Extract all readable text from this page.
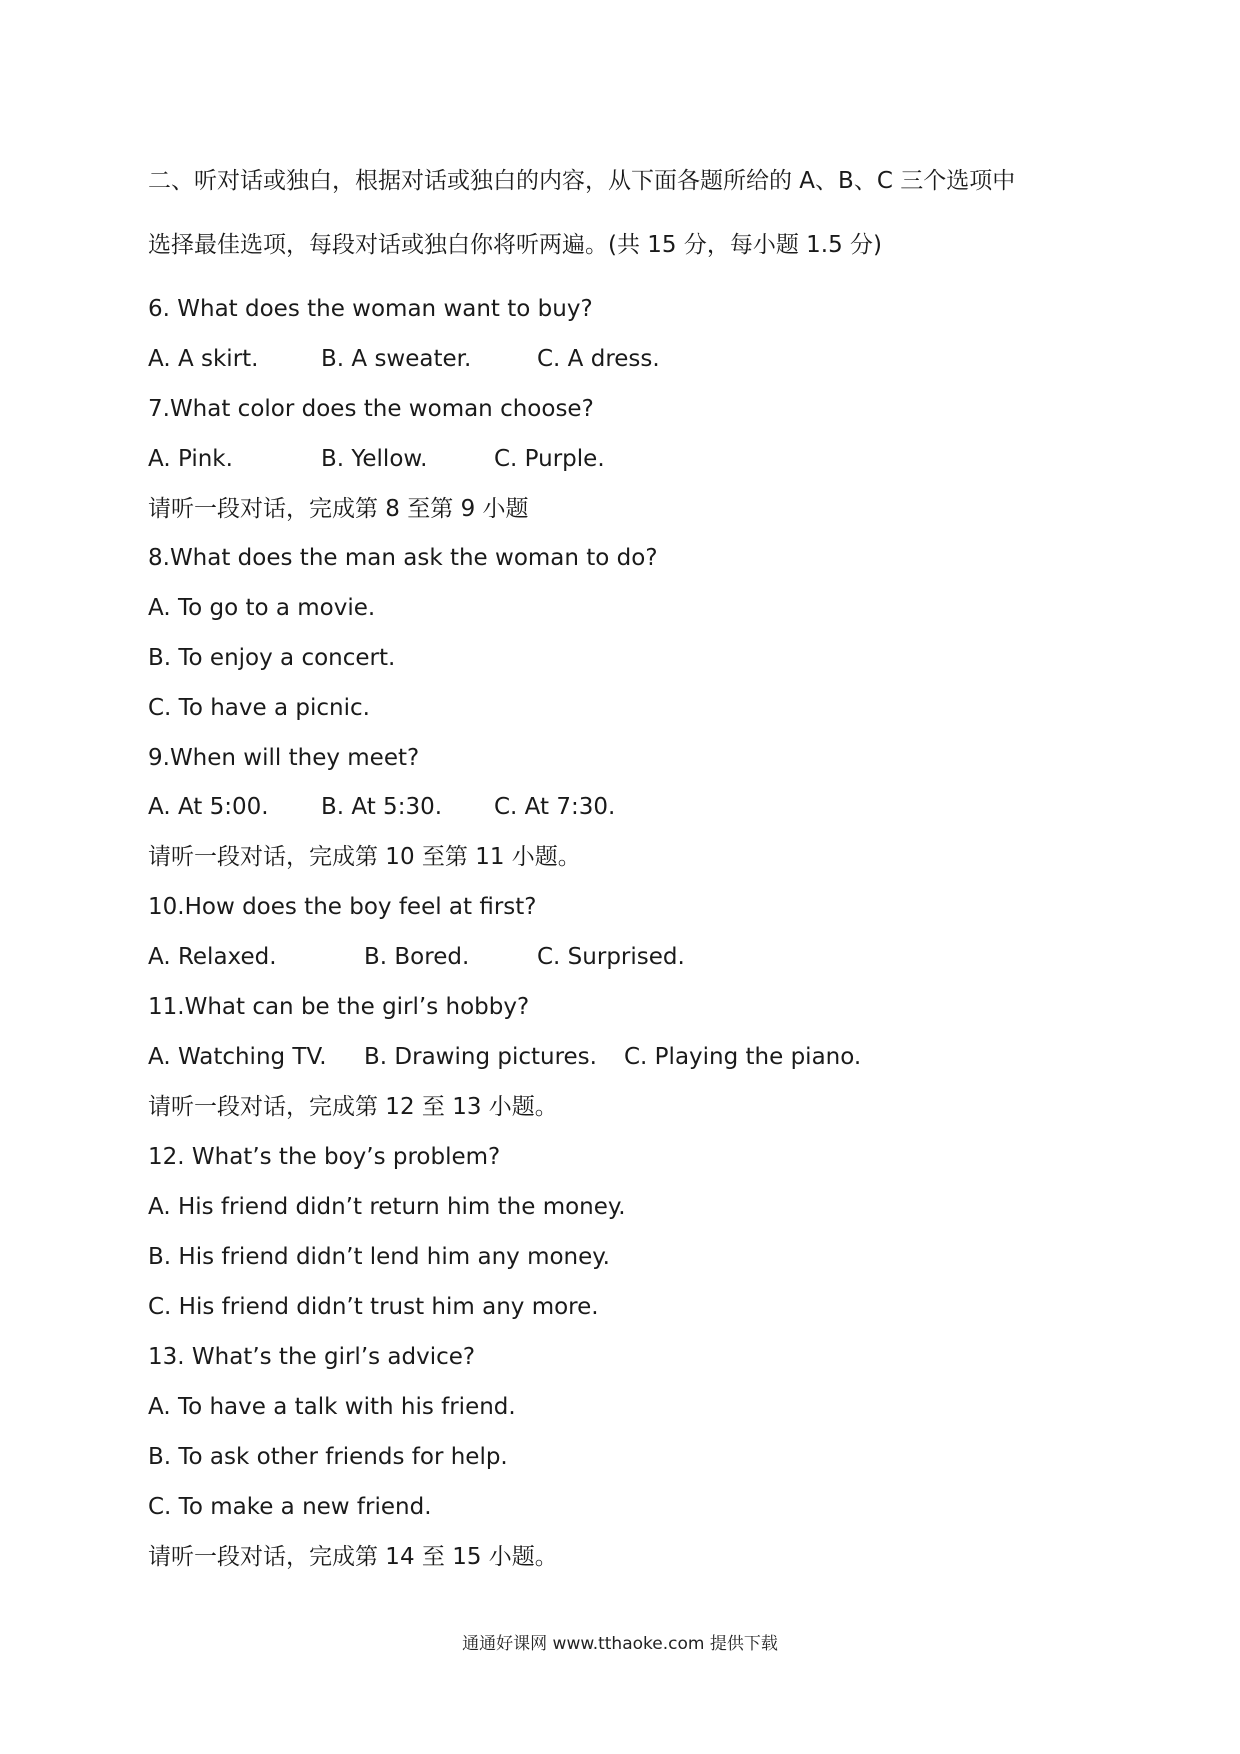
二、听对话或独白，根据对话或独白的内容，从下面各题所给的 A、B、C 三个选项中
选择最佳选项，每段对话或独白你将听两遍。(共 15 分，每小题 1.5 分)
6. What does the woman want to buy?
A. A skirt.	B. A sweater.	C. A dress.
7.What color does the woman choose?
A. Pink.	B. Yellow.	C. Purple.
请听一段对话，完成第 8 至第 9 小题
8.What does the man ask the woman to do?
A. To go to a movie.
B. To enjoy a concert.
C. To have a picnic.
9.When will they meet?
A. At 5:00. B. At 5:30. C. At 7:30.
请听一段对话，完成第 10 至第 11 小题。
10.How does the boy feel at first?
A. Relaxed.	B. Bored.	C. Surprised.
11.What can be the girl’s hobby?
A. Watching TV. B. Drawing pictures. C. Playing the piano.
请听一段对话，完成第 12 至 13 小题。
12. What’s the boy’s problem?
A. His friend didn’t return him the money.
B. His friend didn’t lend him any money.
C. His friend didn’t trust him any more.
13. What’s the girl’s advice?
A. To have a talk with his friend.
B. To ask other friends for help.
C. To make a new friend.
请听一段对话，完成第 14 至 15 小题。
通通好课网 www.tthaoke.com 提供下载
